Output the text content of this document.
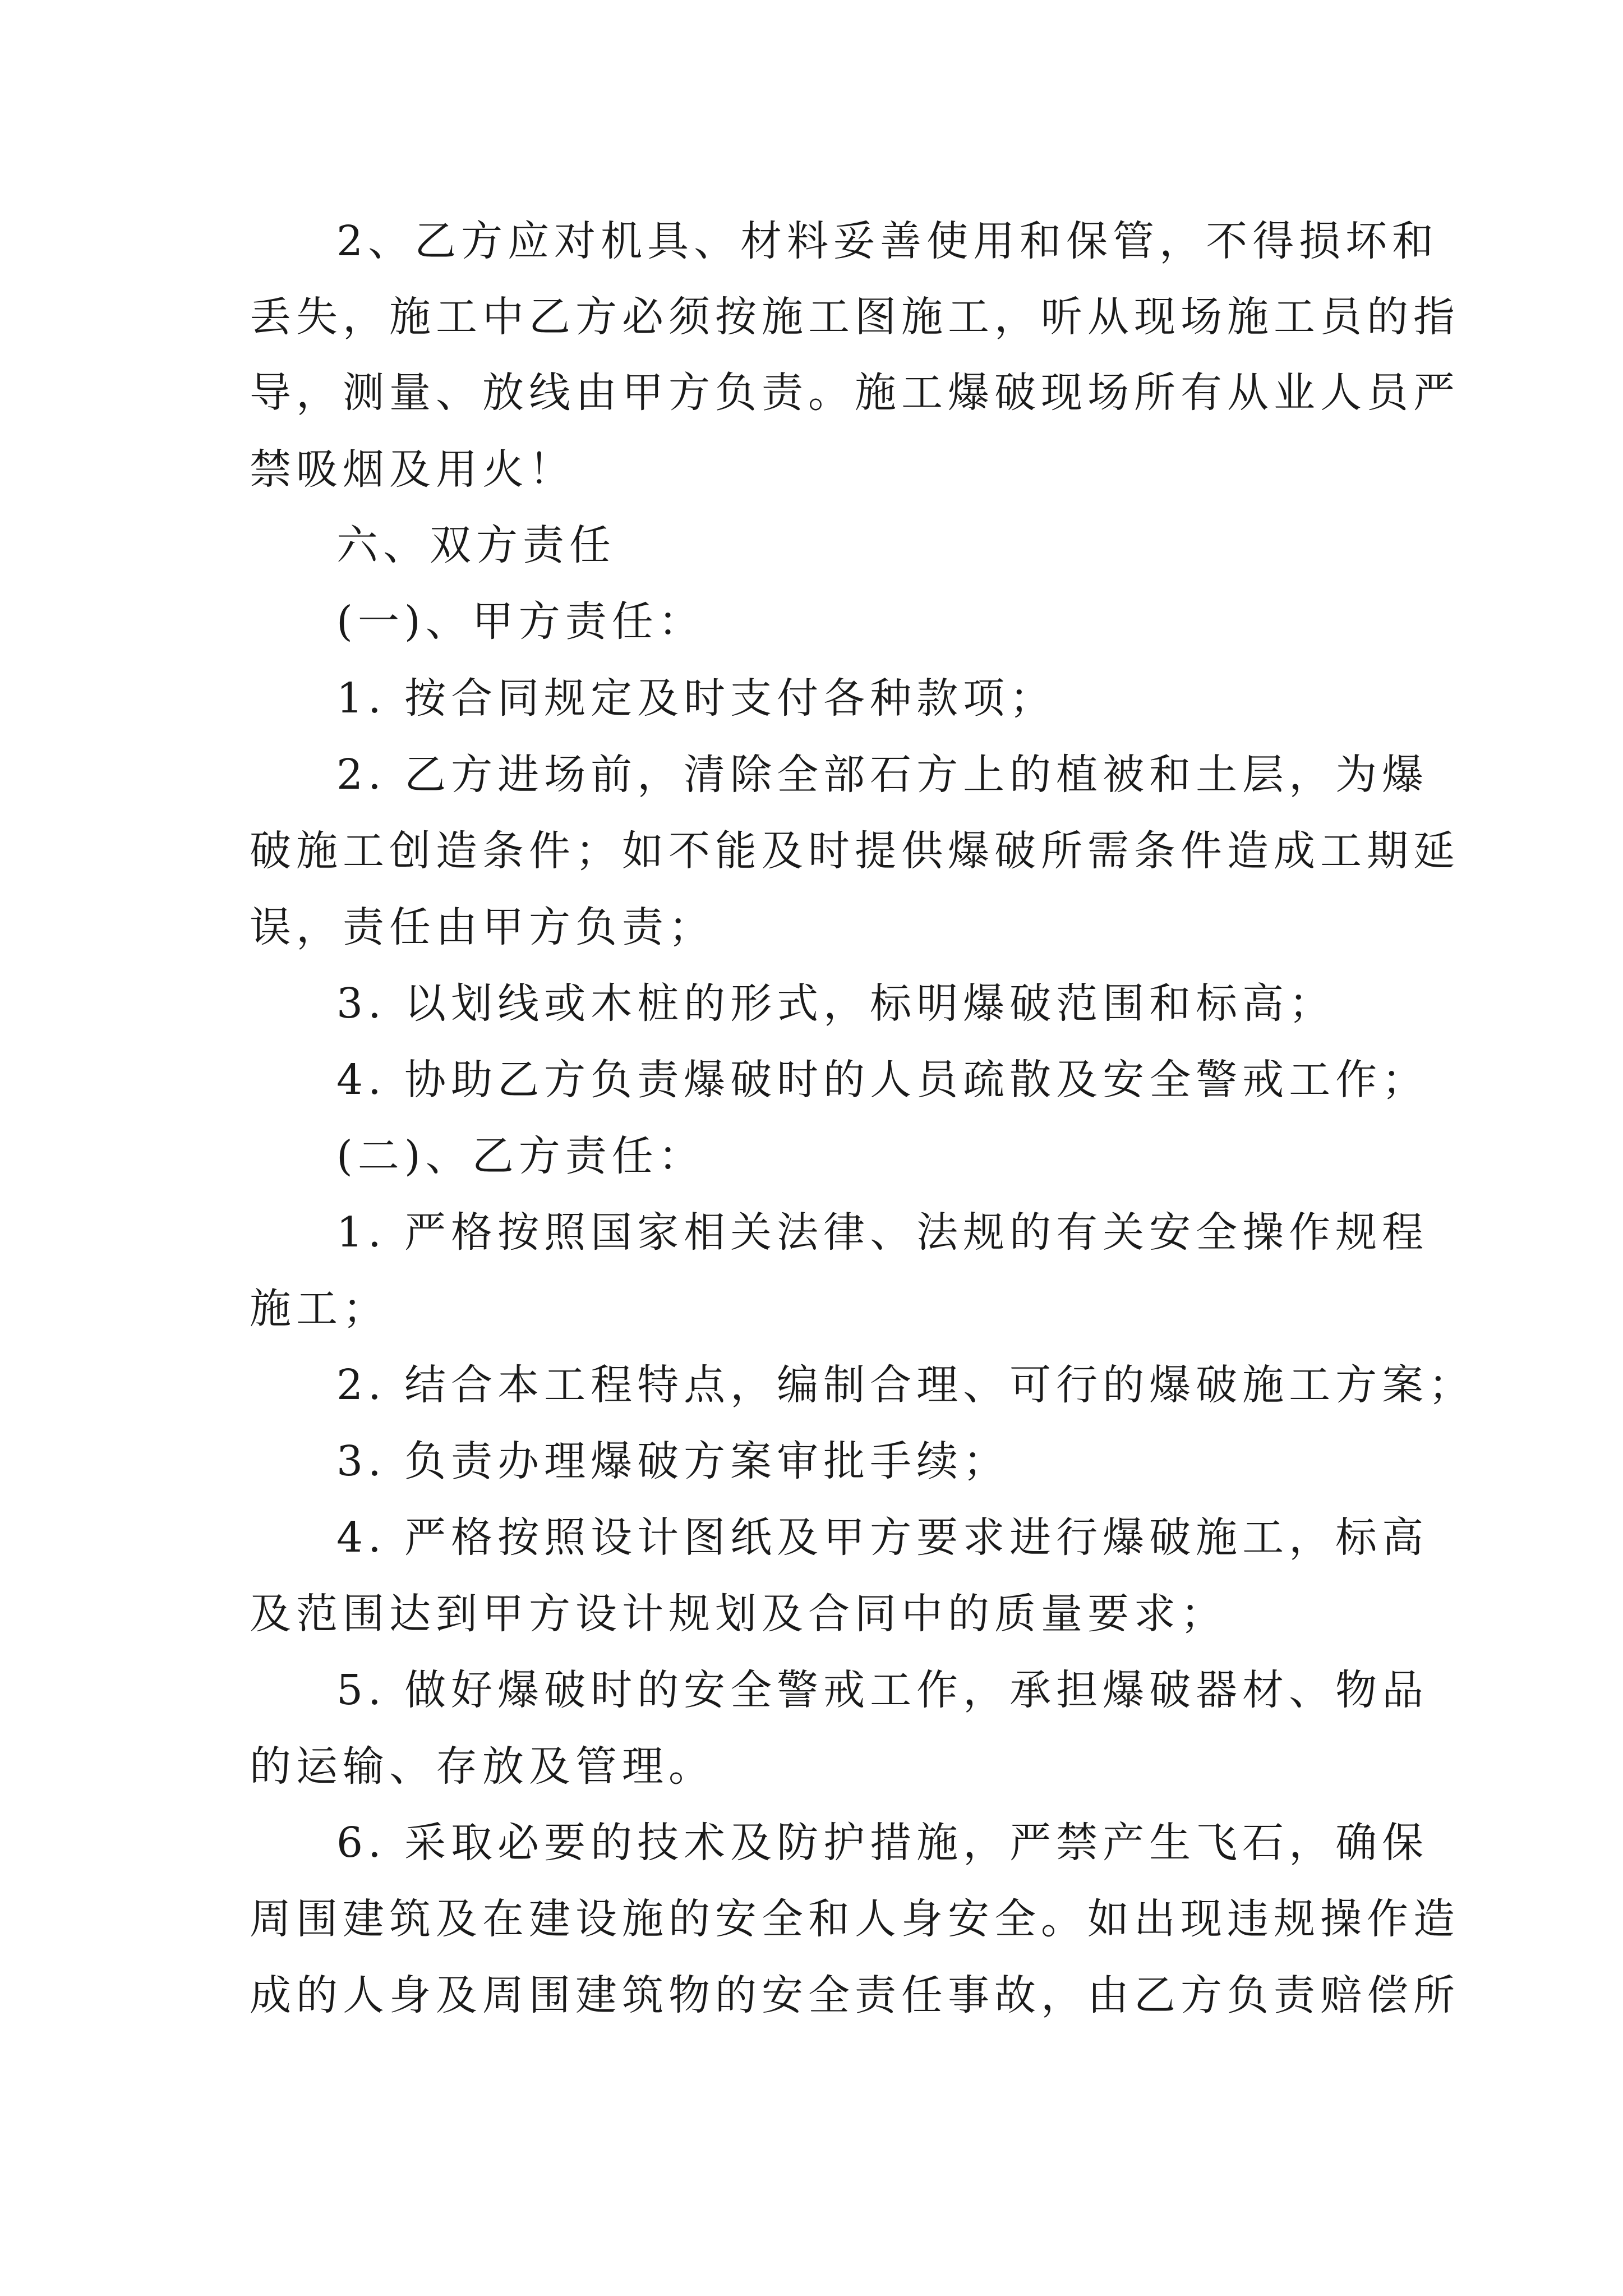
2、乙方应对机具、材料妥善使用和保管，不得损坏和

丢失，施工中乙方必须按施工图施工，听从现场施工员的指

导，测量、放线由甲方负责。施工爆破现场所有从业人员严

禁吸烟及用火！

六、双方责任

(一)、甲方责任：

1. 按合同规定及时支付各种款项；

2. 乙方进场前，清除全部石方上的植被和土层，为爆

破施工创造条件；如不能及时提供爆破所需条件造成工期延

误，责任由甲方负责；

3. 以划线或木桩的形式，标明爆破范围和标高；

4. 协助乙方负责爆破时的人员疏散及安全警戒工作；

(二)、乙方责任：

1. 严格按照国家相关法律、法规的有关安全操作规程

施工；

2. 结合本工程特点，编制合理、可行的爆破施工方案；

3. 负责办理爆破方案审批手续；

4. 严格按照设计图纸及甲方要求进行爆破施工，标高

及范围达到甲方设计规划及合同中的质量要求；

5. 做好爆破时的安全警戒工作，承担爆破器材、物品

的运输、存放及管理。

6. 采取必要的技术及防护措施，严禁产生飞石，确保

周围建筑及在建设施的安全和人身安全。如出现违规操作造

成的人身及周围建筑物的安全责任事故，由乙方负责赔偿所
